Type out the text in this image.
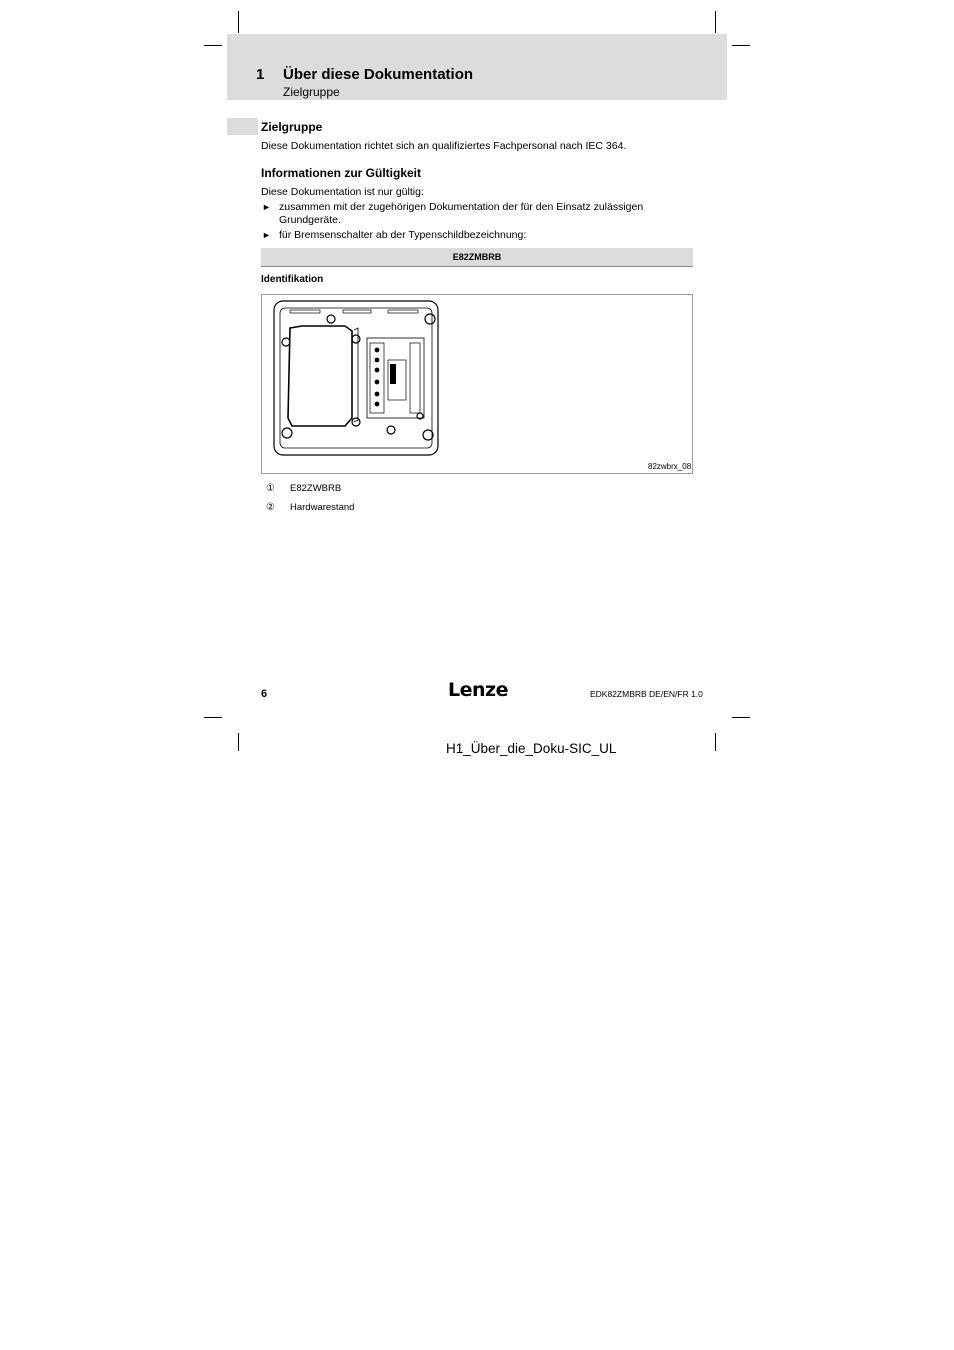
1 Über diese Dokumentation
Zielgruppe
Zielgruppe
Diese Dokumentation richtet sich an qualifiziertes Fachpersonal nach IEC 364.
Informationen zur Gültigkeit
Diese Dokumentation ist nur gültig:
► zusammen mit der zugehörigen Dokumentation der für den Einsatz zulässigen Grundgeräte.
► für Bremsenschalter ab der Typenschildbezeichnung:
E82ZMBRB
Identifikation
82zwbrx_08
① E82ZWBRB
② Hardwarestand
6	Lenze	EDK82ZMBRB DE/EN/FR 1.0
H1_Über_die_Doku-SIC_UL
